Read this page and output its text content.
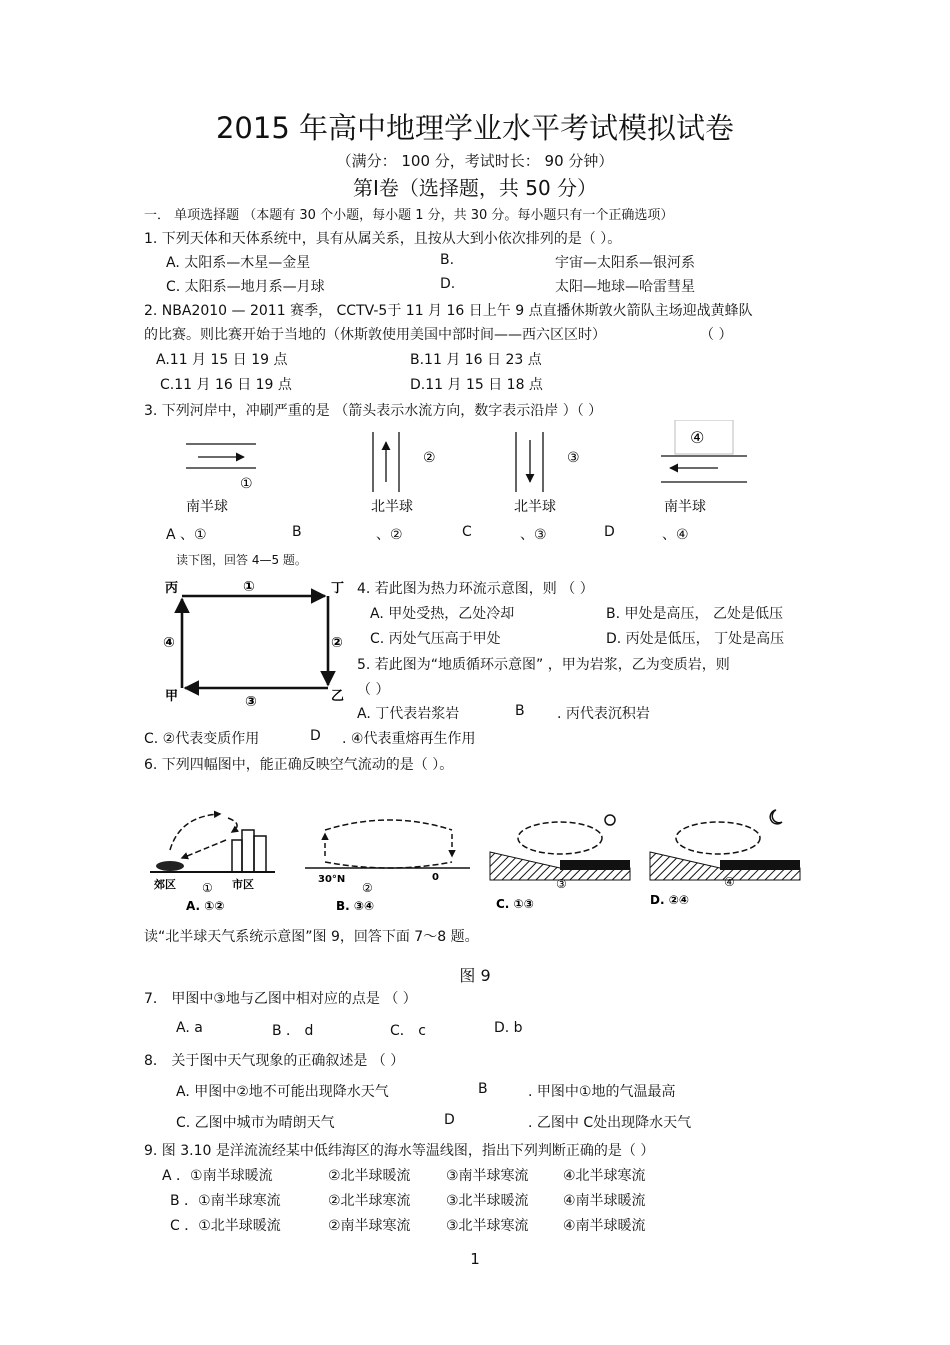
2015 年高中地理学业水平考试模拟试卷
（满分： 100 分，考试时长： 90 分钟）
第Ⅰ卷（选择题，共 50 分）
一． 单项选择题 （本题有 30 个小题，每小题 1 分，共 30 分。每小题只有一个正确选项）
1. 下列天体和天体系统中，具有从属关系，且按从大到小依次排列的是（ ）。
A. 太阳系—木星—金星	B.	宇宙—太阳系—银河系
C. 太阳系—地月系—月球	D.	太阳—地球—哈雷彗星
2. NBA2010 — 2011 赛季， CCTV-5于 11 月 16 日上午 9 点直播休斯敦火箭队主场迎战黄蜂队
的比赛。则比赛开始于当地的（休斯敦使用美国中部时间——西六区区时）	（ ）
A.11 月 15 日 19 点	B.11 月 16 日 23 点
C.11 月 16 日 19 点	D.11 月 15 日 18 点
3. 下列河岸中，冲刷严重的是 （箭头表示水流方向，数字表示沿岸 ）（ ）
①
南半球
②
北半球
③
北半球
④
南半球
A 、①	B	、②	C	、③	D	、④
读下图，回答 4—5 题。
丙	丁
甲	乙
①
②
③
④
4. 若此图为热力环流示意图，则 （ ）
A. 甲处受热，乙处冷却	B. 甲处是高压， 乙处是低压
C. 丙处气压高于甲处	D. 丙处是低压， 丁处是高压
5. 若此图为“地质循环示意图” ，甲为岩浆，乙为变质岩，则
（ ）
A. 丁代表岩浆岩	B . 丙代表沉积岩
C. ②代表变质作用	D . ④代表重熔再生作用
6. 下列四幅图中，能正确反映空气流动的是（ ）。
郊区	市区
①
30°N	0
②	③	④
A. ①②	B. ③④	C. ①③	D. ②④
读“北半球天气系统示意图”图 9，回答下面 7～8 题。
图 9
7． 甲图中③地与乙图中相对应的点是 （ ）
A. a	B ． d	C． c	D. b
8． 关于图中天气现象的正确叙述是 （ ）
A. 甲图中②地不可能出现降水天气	B	. 甲图中①地的气温最高
C. 乙图中城市为晴朗天气	D	. 乙图中 C处出现降水天气
9. 图 3.10 是洋流流经某中低纬海区的海水等温线图，指出下列判断正确的是（ ）
A ．①南半球暖流	②北半球暖流	③南半球寒流 ④北半球寒流
B ．①南半球寒流	②北半球寒流	③北半球暖流 ④南半球暖流
C ．①北半球暖流	②南半球寒流	③北半球寒流 ④南半球暖流
1
